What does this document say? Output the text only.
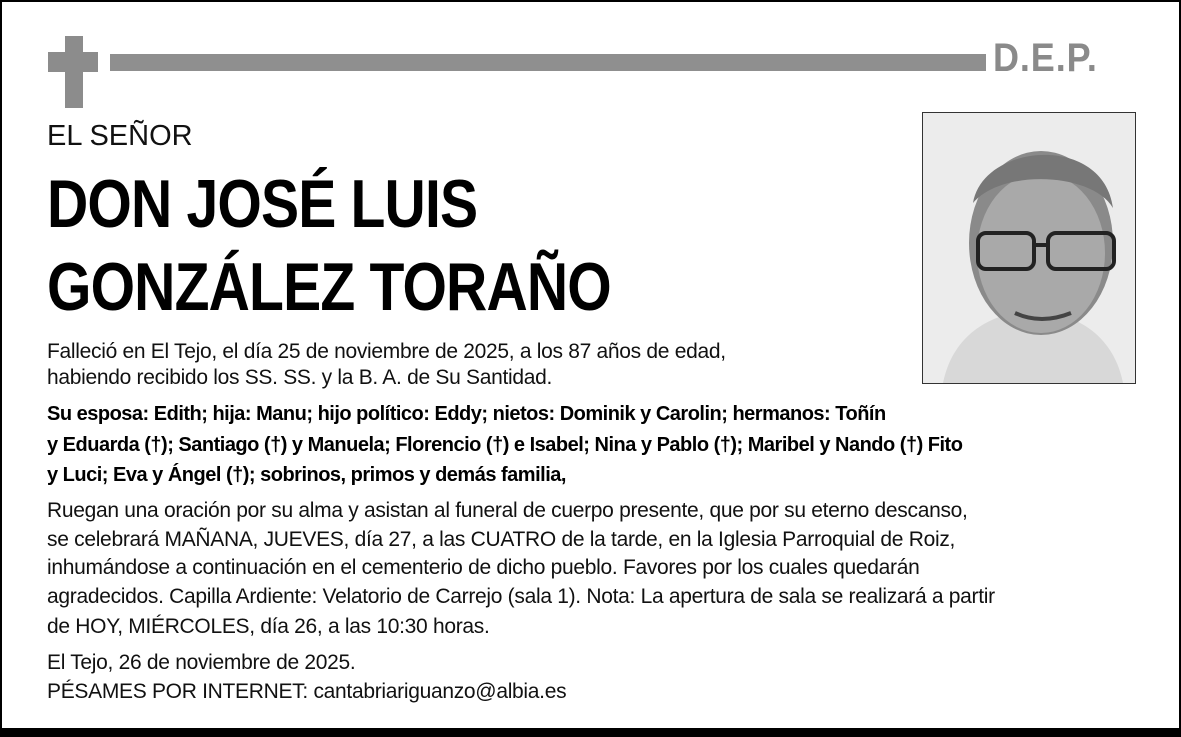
D.E.P.
EL SEÑOR
DON JOSÉ LUIS
GONZÁLEZ TORAÑO
Falleció en El Tejo, el día 25 de noviembre de 2025, a los 87 años de edad,
habiendo recibido los SS. SS. y la B. A. de Su Santidad.
Su esposa: Edith; hija: Manu; hijo político: Eddy; nietos: Dominik y Carolin; hermanos: Toñín
y Eduarda (†); Santiago (†) y Manuela; Florencio (†) e Isabel; Nina y Pablo (†); Maribel y Nando (†) Fito
y Luci; Eva y Ángel (†); sobrinos, primos y demás familia,
Ruegan una oración por su alma y asistan al funeral de cuerpo presente, que por su eterno descanso,
se celebrará MAÑANA, JUEVES, día 27, a las CUATRO de la tarde, en la Iglesia Parroquial de Roiz,
inhumándose a continuación en el cementerio de dicho pueblo. Favores por los cuales quedarán
agradecidos. Capilla Ardiente: Velatorio de Carrejo (sala 1). Nota: La apertura de sala se realizará a partir
de HOY, MIÉRCOLES, día 26, a las 10:30 horas.
El Tejo, 26 de noviembre de 2025.
PÉSAMES POR INTERNET: cantabriariguanzo@albia.es
